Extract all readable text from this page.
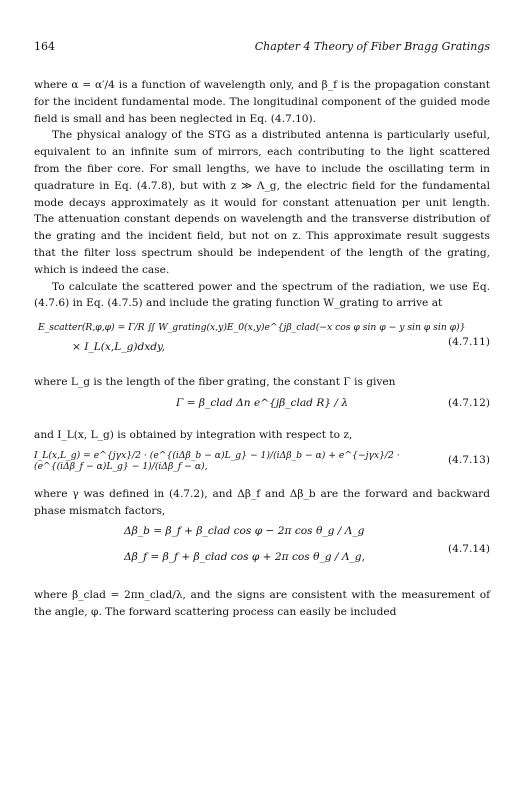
164	Chapter 4 Theory of Fiber Bragg Gratings

where α = α′/4 is a function of wavelength only, and β_f is the propagation constant for the incident fundamental mode. The longitudinal component of the guided mode field is small and has been neglected in Eq. (4.7.10).

The physical analogy of the STG as a distributed antenna is particularly useful, equivalent to an infinite sum of mirrors, each contributing to the light scattered from the fiber core. For small lengths, we have to include the oscillating term in quadrature in Eq. (4.7.8), but with z ≫ Λ_g, the electric field for the fundamental mode decays approximately as it would for constant attenuation per unit length. The attenuation constant depends on wavelength and the transverse distribution of the grating and the incident field, but not on z. This approximate result suggests that the filter loss spectrum should be independent of the length of the grating, which is indeed the case.

To calculate the scattered power and the spectrum of the radiation, we use Eq. (4.7.6) in Eq. (4.7.5) and include the grating function W_grating to arrive at

E_scatter(R,φ,φ) = Γ/R ∬ W_grating(x,y)E_0(x,y)e^{jβ_clad(−x cos φ sin φ − y sin φ sin φ)}
× I_L(x,L_g)dxdy,	(4.7.11)

where L_g is the length of the fiber grating, the constant Γ is given

Γ = β_clad Δn e^{jβ_clad R} / λ	(4.7.12)

and I_L(x, L_g) is obtained by integration with respect to z,

I_L(x,L_g) = e^{jγx}/2 · (e^{(iΔβ_b − α)L_g} − 1)/(iΔβ_b − α) + e^{−jγx}/2 · (e^{(iΔβ_f − α)L_g} − 1)/(iΔβ_f − α),
(4.7.13)

where γ was defined in (4.7.2), and Δβ_f and Δβ_b are the forward and backward phase mismatch factors,

Δβ_b = β_f + β_clad cos φ − 2π cos θ_g / Λ_g
Δβ_f = β_f + β_clad cos φ + 2π cos θ_g / Λ_g,
(4.7.14)

where β_clad = 2πn_clad/λ, and the signs are consistent with the measurement of the angle, φ. The forward scattering process can easily be included
